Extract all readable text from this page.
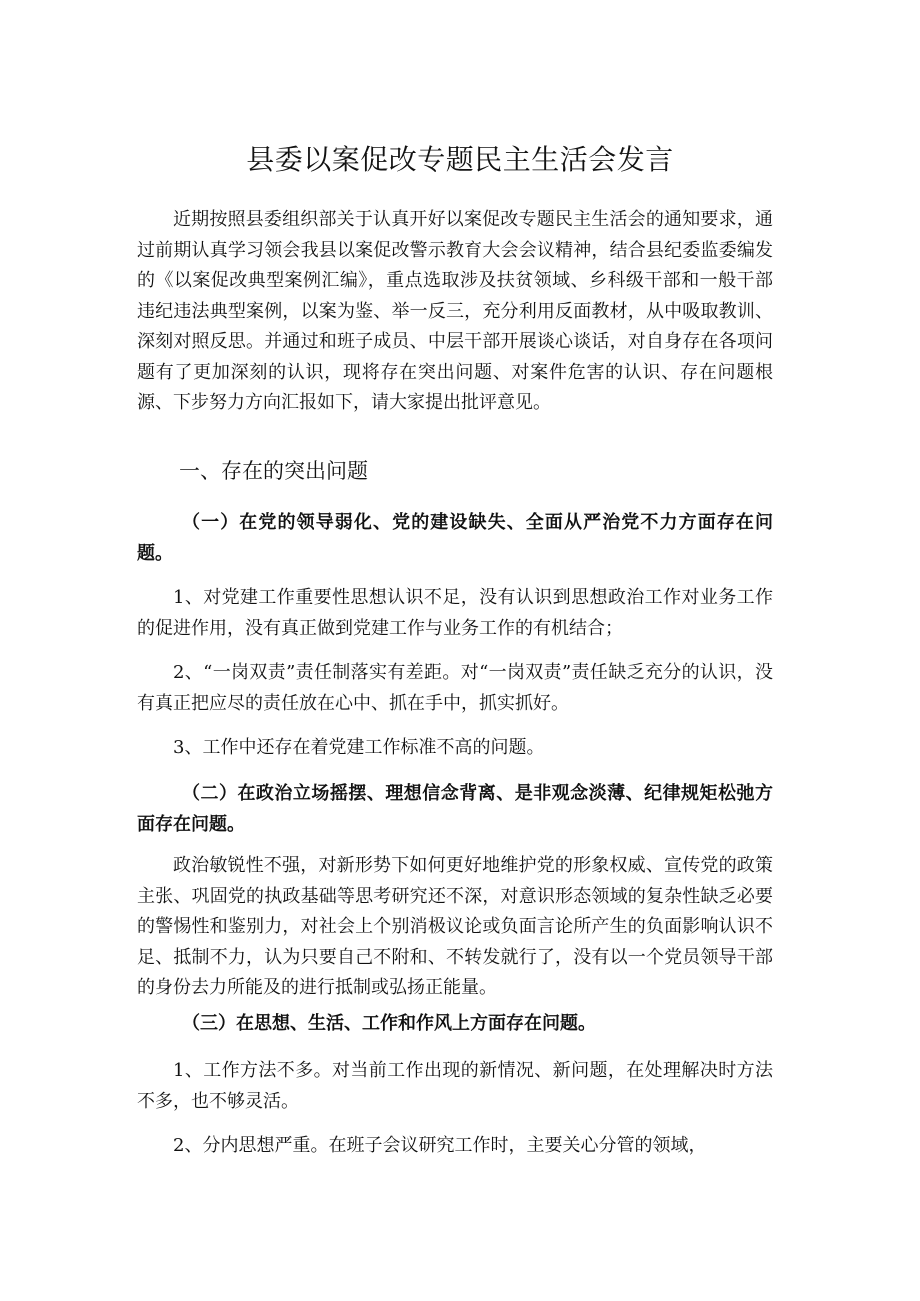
县委以案促改专题民主生活会发言

近期按照县委组织部关于认真开好以案促改专题民主生活会的通知要求，通过前期认真学习领会我县以案促改警示教育大会会议精神，结合县纪委监委编发的《以案促改典型案例汇编》，重点选取涉及扶贫领域、乡科级干部和一般干部违纪违法典型案例，以案为鉴、举一反三，充分利用反面教材，从中吸取教训、深刻对照反思。并通过和班子成员、中层干部开展谈心谈话，对自身存在各项问题有了更加深刻的认识，现将存在突出问题、对案件危害的认识、存在问题根源、下步努力方向汇报如下，请大家提出批评意见。

一、存在的突出问题

（一）在党的领导弱化、党的建设缺失、全面从严治党不力方面存在问题。

1、对党建工作重要性思想认识不足，没有认识到思想政治工作对业务工作的促进作用，没有真正做到党建工作与业务工作的有机结合；

2、“一岗双责”责任制落实有差距。对“一岗双责”责任缺乏充分的认识，没有真正把应尽的责任放在心中、抓在手中，抓实抓好。

3、工作中还存在着党建工作标准不高的问题。

（二）在政治立场摇摆、理想信念背离、是非观念淡薄、纪律规矩松弛方面存在问题。

政治敏锐性不强，对新形势下如何更好地维护党的形象权威、宣传党的政策主张、巩固党的执政基础等思考研究还不深，对意识形态领域的复杂性缺乏必要的警惕性和鉴别力，对社会上个别消极议论或负面言论所产生的负面影响认识不足、抵制不力，认为只要自己不附和、不转发就行了，没有以一个党员领导干部的身份去力所能及的进行抵制或弘扬正能量。

（三）在思想、生活、工作和作风上方面存在问题。

1、工作方法不多。对当前工作出现的新情况、新问题，在处理解决时方法不多，也不够灵活。

2、分内思想严重。在班子会议研究工作时，主要关心分管的领域，
